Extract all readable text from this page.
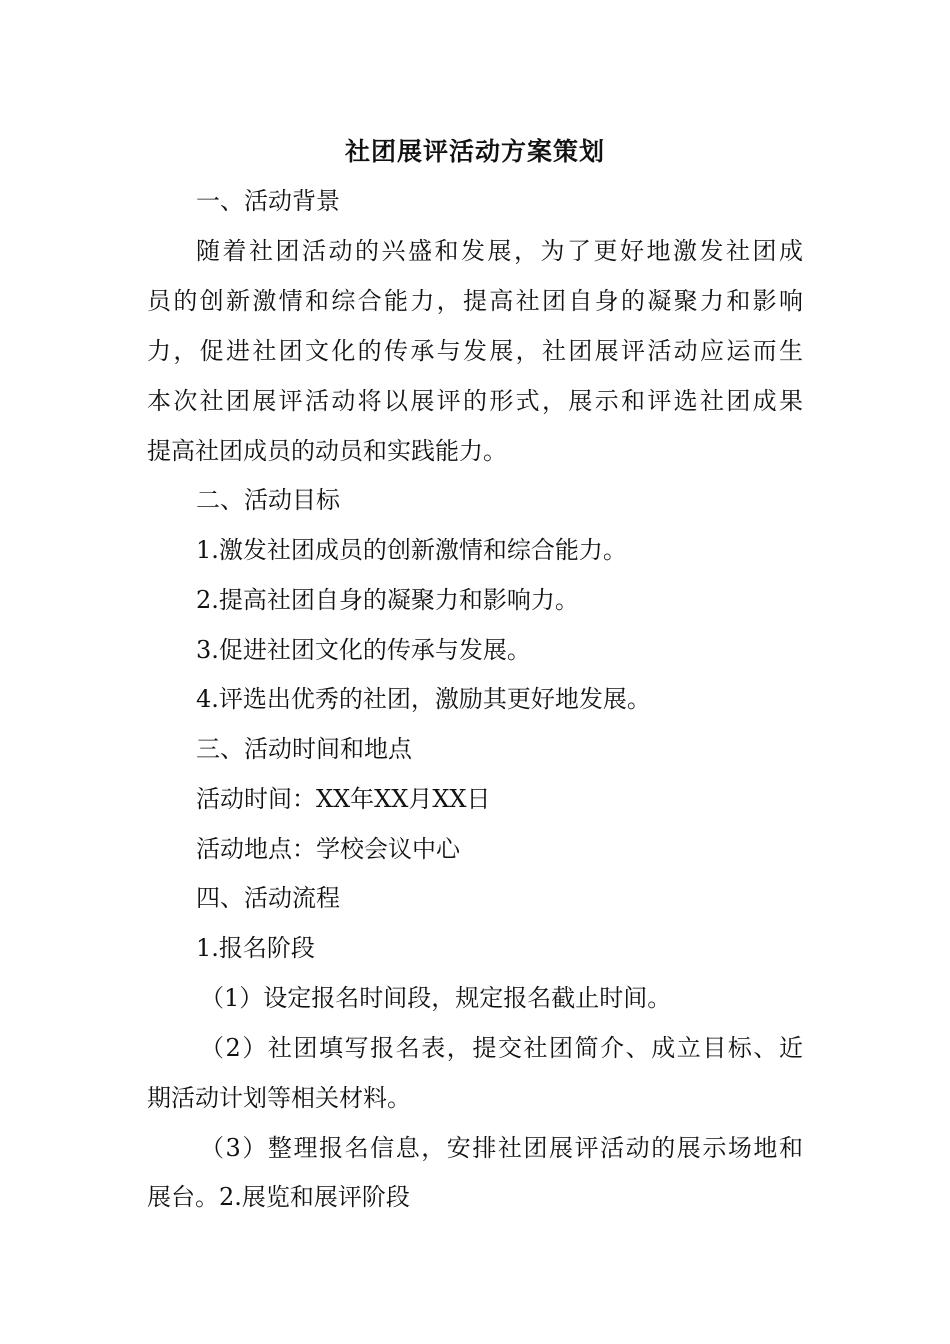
社团展评活动方案策划
一、活动背景
随着社团活动的兴盛和发展，为了更好地激发社团成
员的创新激情和综合能力，提高社团自身的凝聚力和影响
力，促进社团文化的传承与发展，社团展评活动应运而生
本次社团展评活动将以展评的形式，展示和评选社团成果
提高社团成员的动员和实践能力。
二、活动目标
1.激发社团成员的创新激情和综合能力。
2.提高社团自身的凝聚力和影响力。
3.促进社团文化的传承与发展。
4.评选出优秀的社团，激励其更好地发展。
三、活动时间和地点
活动时间：XX年XX月XX日
活动地点：学校会议中心
四、活动流程
1.报名阶段
（1）设定报名时间段，规定报名截止时间。
（2）社团填写报名表，提交社团简介、成立目标、近
期活动计划等相关材料。
（3）整理报名信息，安排社团展评活动的展示场地和
展台。2.展览和展评阶段
